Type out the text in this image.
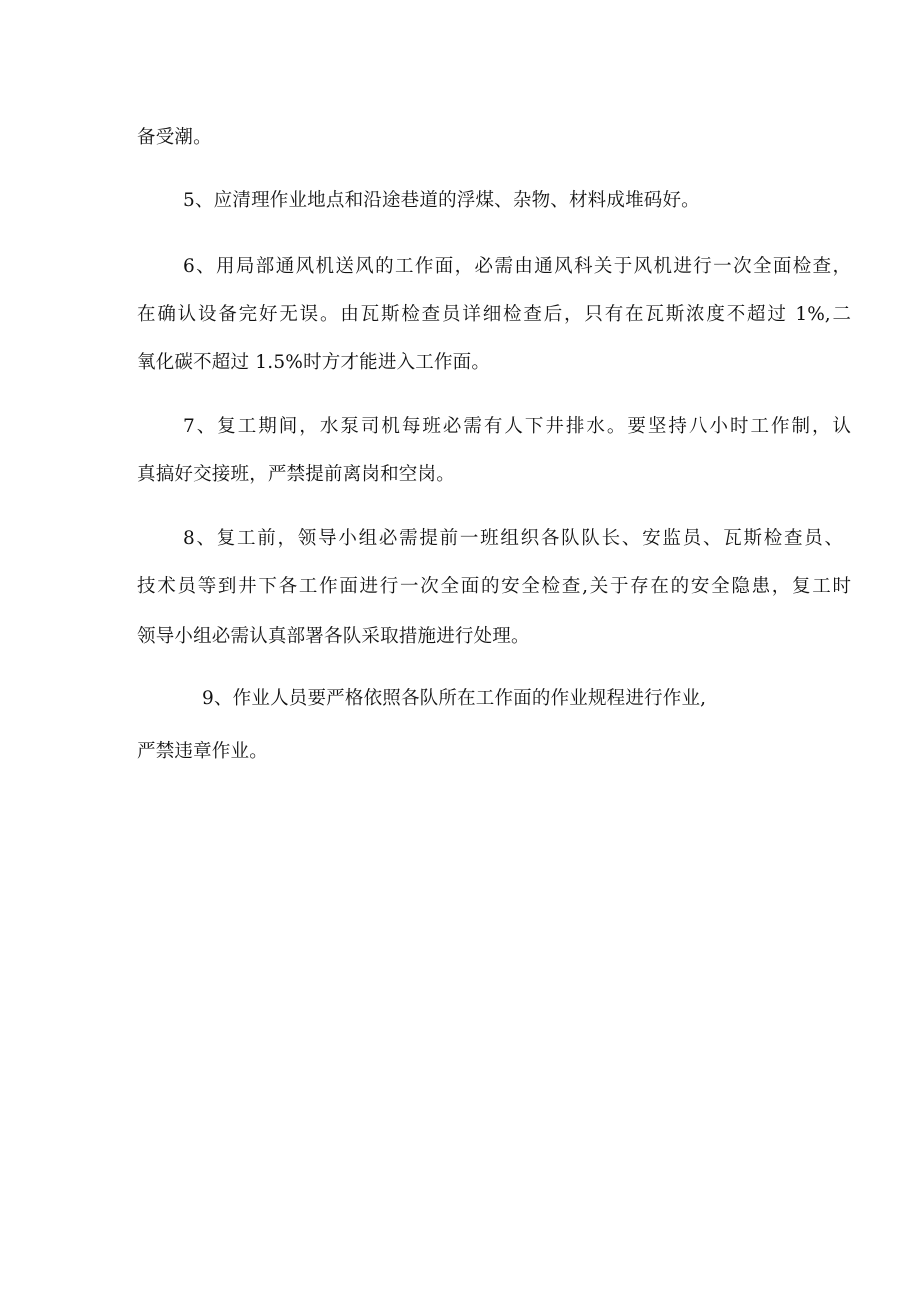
备受潮。
5、应清理作业地点和沿途巷道的浮煤、杂物、材料成堆码好。
6、用局部通风机送风的工作面，必需由通风科关于风机进行一次全面检查，
在确认设备完好无误。由瓦斯检查员详细检查后，只有在瓦斯浓度不超过 1%,二
氧化碳不超过 1.5%时方才能进入工作面。
7、复工期间，水泵司机每班必需有人下井排水。要坚持八小时工作制，认
真搞好交接班，严禁提前离岗和空岗。
8、复工前，领导小组必需提前一班组织各队队长、安监员、瓦斯检查员、
技术员等到井下各工作面进行一次全面的安全检查,关于存在的安全隐患，复工时
领导小组必需认真部署各队采取措施进行处理。
9、作业人员要严格依照各队所在工作面的作业规程进行作业,
严禁违章作业。
